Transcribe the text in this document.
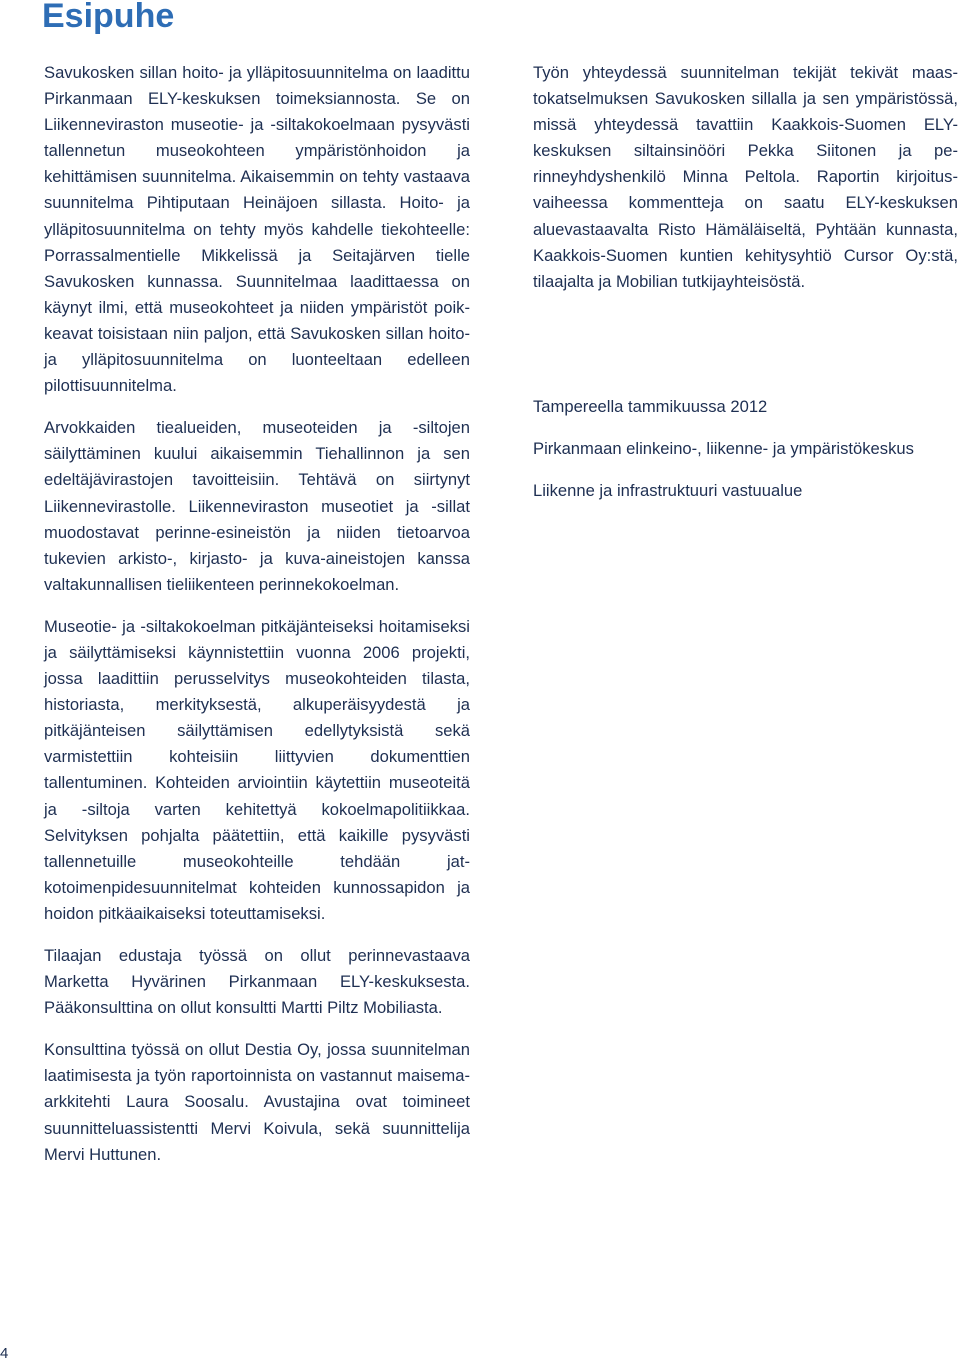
Esipuhe

Savukosken sillan hoito- ja ylläpitosuunnitelma on laadittu Pirkanmaan ELY-keskuksen toimeksiannosta. Se on Liikenneviraston museotie- ja -siltakokoelmaan pysyvästi tallennetun museokohteen ympäristönhoidon ja kehittämisen suunnitelma. Aikaisemmin on tehty vastaava suunnitelma Pihtiputaan Heinäjoen sillasta. Hoito- ja ylläpitosuunnitelma on tehty myös kahdelle tiekohteelle: Porrassalmentielle Mikkelissä ja Seitajärven tielle Savukosken kunnassa. Suunnitelmaa laadittaessa on käynyt ilmi, että museokohteet ja niiden ympäristöt poikkeavat toisistaan niin paljon, että Savukosken sillan hoito- ja ylläpitosuunnitelma on luonteeltaan edelleen pilottisuunnitelma.

Arvokkaiden tiealueiden, museoteiden ja -siltojen säilyttäminen kuului aikaisemmin Tiehallinnon ja sen edeltäjävirastojen tavoitteisiin. Tehtävä on siirtynyt Liikennevirastolle. Liikenneviraston museotiet ja -sillat muodostavat perinne-esineistön ja niiden tietoarvoa tukevien arkisto-, kirjasto- ja kuva-aineistojen kanssa valtakunnallisen tieliikenteen perinnekokoelman.

Museotie- ja -siltakokoelman pitkäjänteiseksi hoitamiseksi ja säilyttämiseksi käynnistettiin vuonna 2006 projekti, jossa laadittiin perusselvitys museokohteiden tilasta, historiasta, merkityksestä, alkuperäisyydestä ja pitkäjänteisen säilyttämisen edellytyksistä sekä varmistettiin kohteisiin liittyvien dokumenttien tallentuminen. Kohteiden arviointiin käytettiin museoteitä ja -siltoja varten kehitettyä kokoelmapolitiikkaa. Selvityksen pohjalta päätettiin, että kaikille pysyvästi tallennetuille museokohteille tehdään jatkotoimenpidesuunnitelmat kohteiden kunnossapidon ja hoidon pitkäaikaiseksi toteuttamiseksi.

Tilaajan edustaja työssä on ollut perinnevastaava Marketta Hyvärinen Pirkanmaan ELY-keskuksesta. Pääkonsulttina on ollut konsultti Martti Piltz Mobiliasta.

Konsulttina työssä on ollut Destia Oy, jossa suunnitelman laatimisesta ja työn raportoinnista on vastannut maisema-arkkitehti Laura Soosalu. Avustajina ovat toimineet suunnitteluassistentti Mervi Koivula, sekä suunnittelija Mervi Huttunen.

Työn yhteydessä suunnitelman tekijät tekivät maastokatselmuksen Savukosken sillalla ja sen ympäristössä, missä yhteydessä tavattiin Kaakkois-Suomen ELY-keskuksen siltainsinööri Pekka Siitonen ja perinneyhdyshenkilö Minna Peltola. Raportin kirjoitusvaiheessa kommentteja on saatu ELY-keskuksen aluevastaavalta Risto Hämäläiseltä, Pyhtään kunnasta, Kaakkois-Suomen kuntien kehitysyhtiö Cursor Oy:stä, tilaajalta ja Mobilian tutkijayhteisöstä.

Tampereella tammikuussa 2012

Pirkanmaan elinkeino-, liikenne- ja ympäristökeskus

Liikenne ja infrastruktuuri vastuualue

4
